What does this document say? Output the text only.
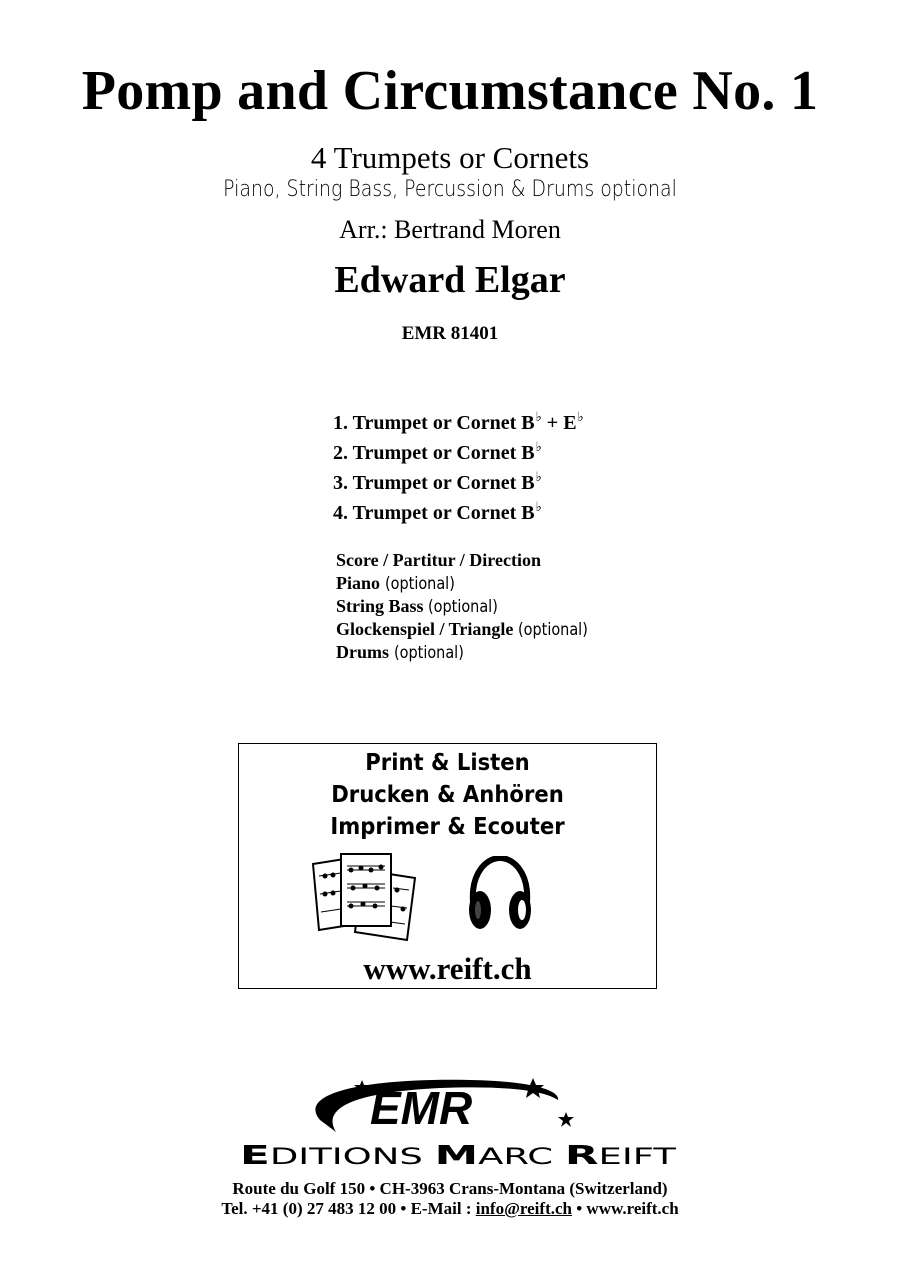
Pomp and Circumstance No. 1
4 Trumpets or Cornets
Piano, String Bass, Percussion & Drums optional
Arr.: Bertrand Moren
Edward Elgar
EMR 81401
1. Trumpet or Cornet B♭ + E♭
2. Trumpet or Cornet B♭
3. Trumpet or Cornet B♭
4. Trumpet or Cornet B♭
Score / Partitur / Direction
Piano (optional)
String Bass (optional)
Glockenspiel / Triangle (optional)
Drums (optional)
Print & Listen
Drucken & Anhören
Imprimer & Ecouter
www.reift.ch
EMR
E DITIONS	M ARC R EIFT
Route du Golf 150 • CH-3963 Crans-Montana (Switzerland)
Tel. +41 (0) 27 483 12 00 • E-Mail : info@reift.ch • www.reift.ch
